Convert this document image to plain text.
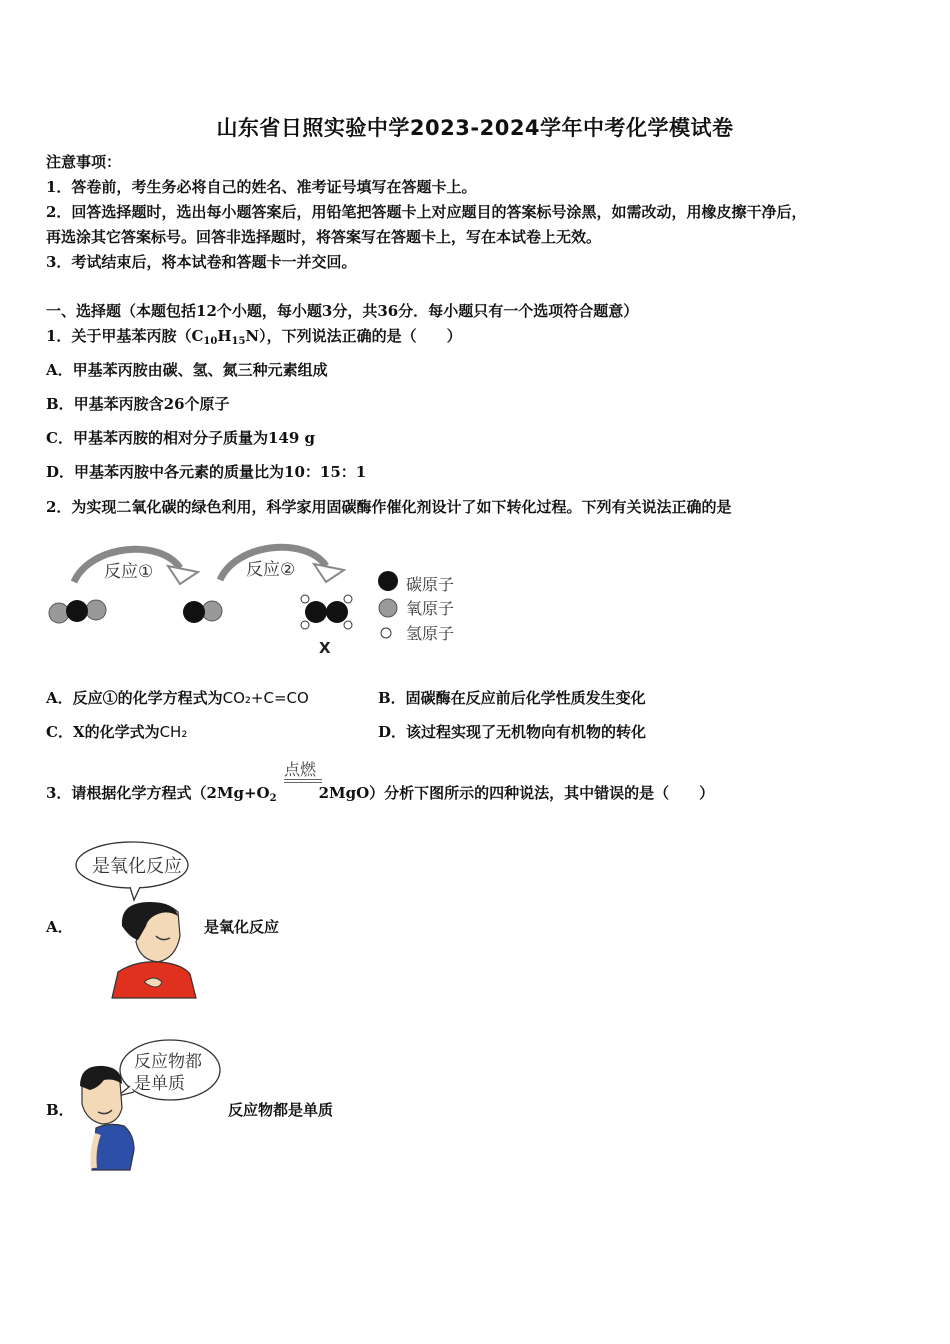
山东省日照实验中学2023-2024学年中考化学模试卷
注意事项：
1．答卷前，考生务必将自己的姓名、准考证号填写在答题卡上。
2．回答选择题时，选出每小题答案后，用铅笔把答题卡上对应题目的答案标号涂黑，如需改动，用橡皮擦干净后，
再选涂其它答案标号。回答非选择题时，将答案写在答题卡上，写在本试卷上无效。
3．考试结束后，将本试卷和答题卡一并交回。
一、选择题（本题包括12个小题，每小题3分，共36分．每小题只有一个选项符合题意）
1．关于甲基苯丙胺$(C_{10}H_{15}N)$，下列说法正确的是（　　）
A．甲基苯丙胺由碳、氢、氮三种元素组成
B．甲基苯丙胺含26个原子
C．甲基苯丙胺的相对分子质量为149 g
D．甲基苯丙胺中各元素的质量比为10：15：1
2．为实现二氧化碳的绿色利用，科学家用固碳酶作催化剂设计了如下转化过程。下列有关说法正确的是
反应①	反应②
X
碳原子
氧原子
氢原子
A．反应①的化学方程式为CO₂+C=CO	B．固碳酶在反应前后化学性质发生变化
C．X的化学式为CH₂	D．该过程实现了无机物向有机物的转化
点燃
3．请根据化学方程式（$2Mg+O_2$	2MgO）分析下图所示的四种说法，其中错误的是（　　）
A．
是氧化反应
是氧化反应
B．
反应物都
是单质
反应物都是单质
